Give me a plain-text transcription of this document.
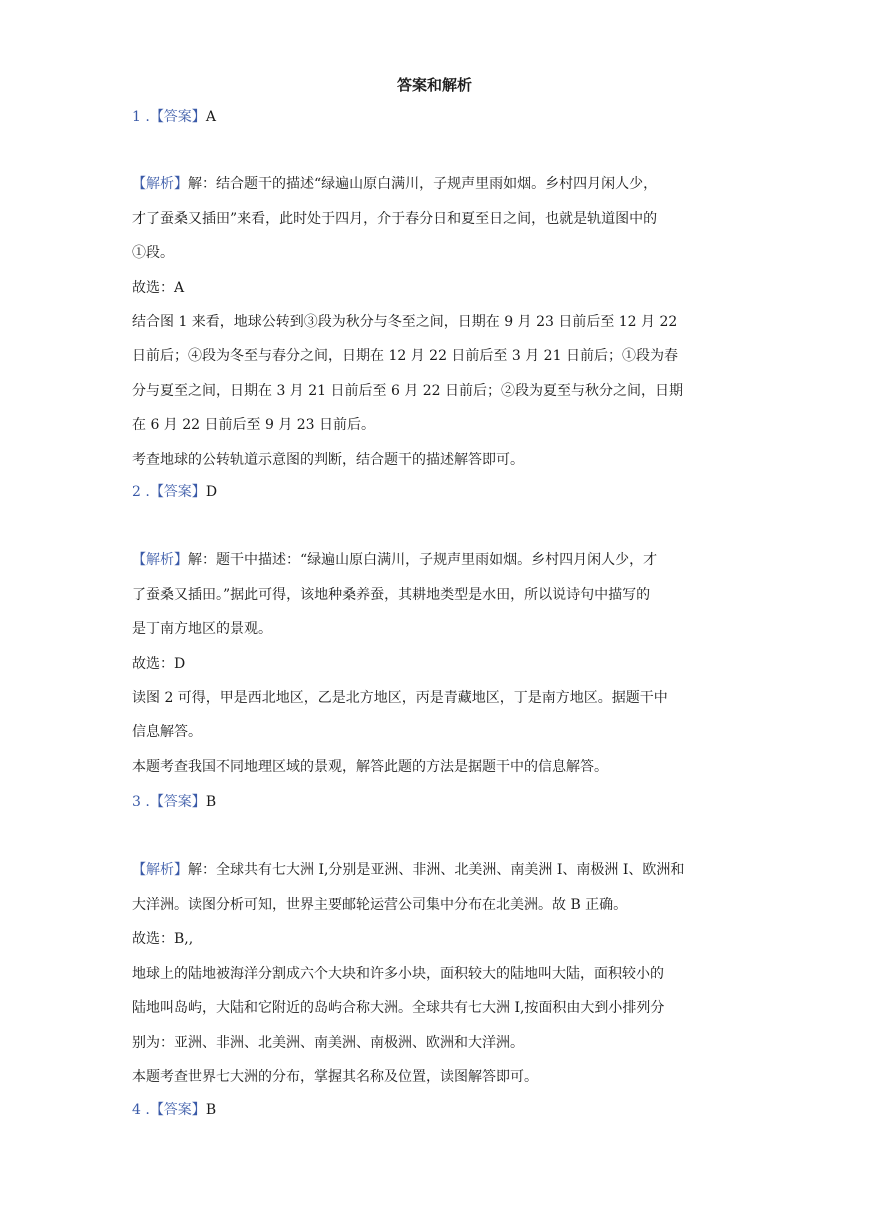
答案和解析
1 .【答案】A
【解析】解：结合题干的描述“绿遍山原白满川，子规声里雨如烟。乡村四月闲人少，
才了蚕桑又插田”来看，此时处于四月，介于春分日和夏至日之间，也就是轨道图中的
①段。
故选：A
结合图 1 来看，地球公转到③段为秋分与冬至之间，日期在 9 月 23 日前后至 12 月 22
日前后；④段为冬至与春分之间，日期在 12 月 22 日前后至 3 月 21 日前后；①段为春
分与夏至之间，日期在 3 月 21 日前后至 6 月 22 日前后；②段为夏至与秋分之间，日期
在 6 月 22 日前后至 9 月 23 日前后。
考查地球的公转轨道示意图的判断，结合题干的描述解答即可。
2 .【答案】D
【解析】解：题干中描述：“绿遍山原白满川，子规声里雨如烟。乡村四月闲人少，才
了蚕桑又插田。”据此可得，该地种桑养蚕，其耕地类型是水田，所以说诗句中描写的
是丁南方地区的景观。
故选：D
读图 2 可得，甲是西北地区，乙是北方地区，丙是青藏地区，丁是南方地区。据题干中
信息解答。
本题考查我国不同地理区域的景观，解答此题的方法是据题干中的信息解答。
3 .【答案】B
【解析】解：全球共有七大洲 I,分别是亚洲、非洲、北美洲、南美洲 I、南极洲 I、欧洲和
大洋洲。读图分析可知，世界主要邮轮运营公司集中分布在北美洲。故 B 正确。
故选：B,,
地球上的陆地被海洋分割成六个大块和许多小块，面积较大的陆地叫大陆，面积较小的
陆地叫岛屿，大陆和它附近的岛屿合称大洲。全球共有七大洲 I,按面积由大到小排列分
别为：亚洲、非洲、北美洲、南美洲、南极洲、欧洲和大洋洲。
本题考查世界七大洲的分布，掌握其名称及位置，读图解答即可。
4 .【答案】B
